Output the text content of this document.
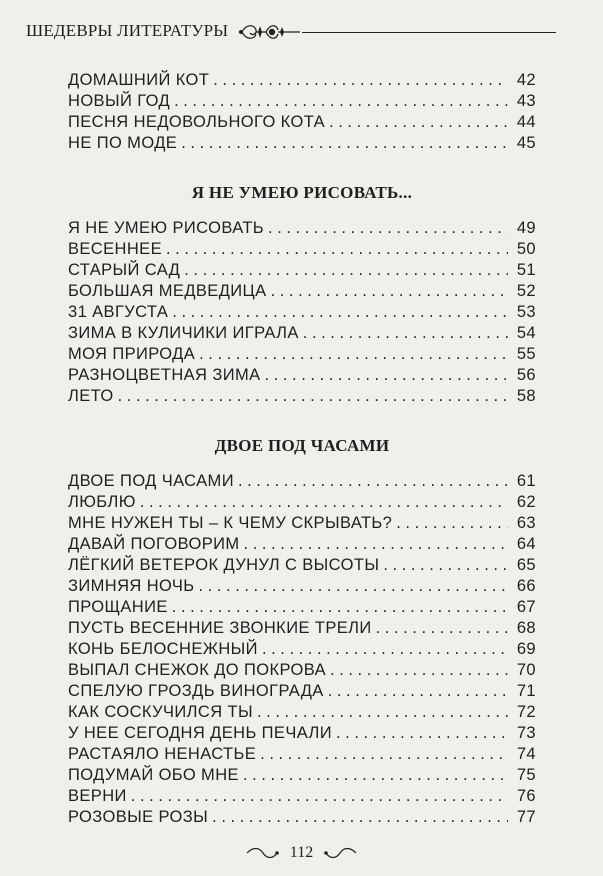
ШЕДЕВРЫ ЛИТЕРАТУРЫ
ДОМАШНИЙ КОТ . . .	42
НОВЫЙ ГОД . . .	43
ПЕСНЯ НЕДОВОЛЬНОГО КОТА . . .	44
НЕ ПО МОДЕ . . .	45
Я НЕ УМЕЮ РИСОВАТЬ...
Я НЕ УМЕЮ РИСОВАТЬ . . .	49
ВЕСЕННЕЕ . . .	50
СТАРЫЙ САД . . .	51
БОЛЬШАЯ МЕДВЕДИЦА . . .	52
31 АВГУСТА . . .	53
ЗИМА В КУЛИЧИКИ ИГРАЛА . . .	54
МОЯ ПРИРОДА . . .	55
РАЗНОЦВЕТНАЯ ЗИМА . . .	56
ЛЕТО . . .	58
ДВОЕ ПОД ЧАСАМИ
ДВОЕ ПОД ЧАСАМИ . . .	61
ЛЮБЛЮ . . .	62
МНЕ НУЖЕН ТЫ – К ЧЕМУ СКРЫВАТЬ? . . .	63
ДАВАЙ ПОГОВОРИМ . . .	64
ЛЁГКИЙ ВЕТЕРОК ДУНУЛ С ВЫСОТЫ . . .	65
ЗИМНЯЯ НОЧЬ . . .	66
ПРОЩАНИЕ . . .	67
ПУСТЬ ВЕСЕННИЕ ЗВОНКИЕ ТРЕЛИ . . .	68
КОНЬ БЕЛОСНЕЖНЫЙ . . .	69
ВЫПАЛ СНЕЖОК ДО ПОКРОВА . . .	70
СПЕЛУЮ ГРОЗДЬ ВИНОГРАДА . . .	71
КАК СОСКУЧИЛСЯ ТЫ . . .	72
У НЕЕ СЕГОДНЯ ДЕНЬ ПЕЧАЛИ . . .	73
РАСТАЯЛО НЕНАСТЬЕ . . .	74
ПОДУМАЙ ОБО МНЕ . . .	75
ВЕРНИ . . .	76
РОЗОВЫЕ РОЗЫ . . .	77
112
